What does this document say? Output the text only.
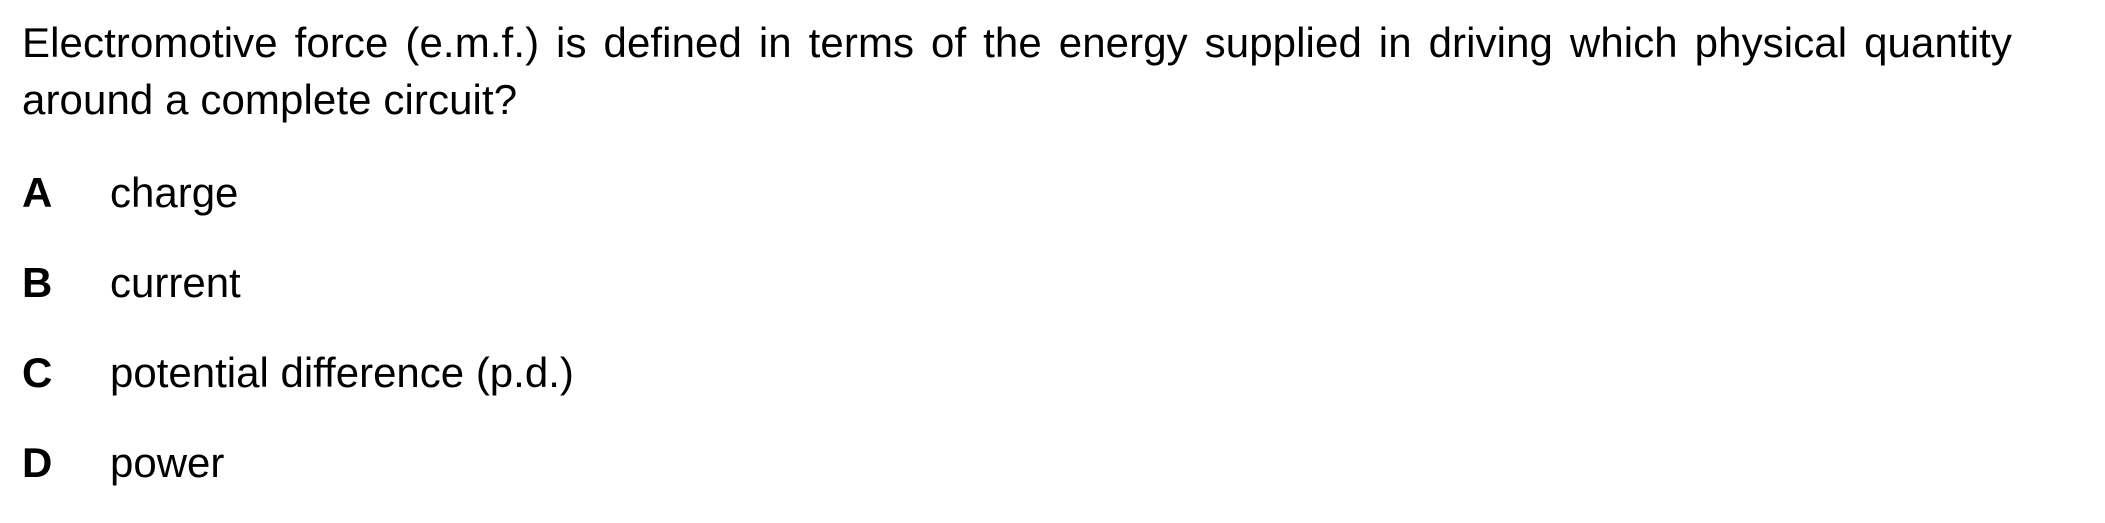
Electromotive force (e.m.f.) is defined in terms of the energy supplied in driving which physical quantity around a complete circuit?
A	charge
B	current
C	potential difference (p.d.)
D	power
